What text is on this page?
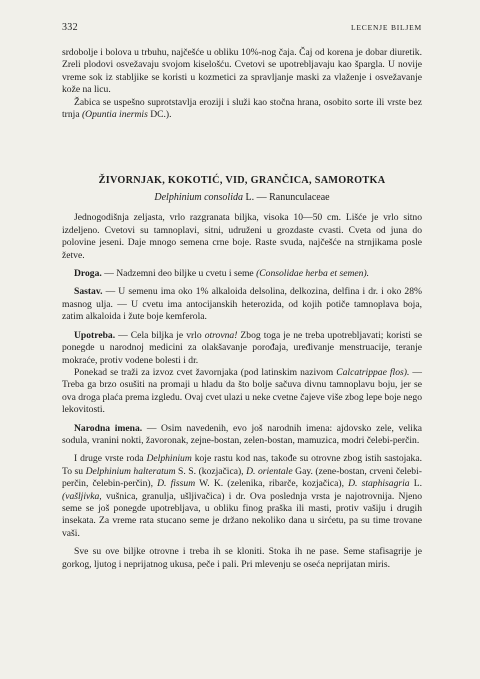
332	LECENJE BILJEM

srdobolje i bolova u trbuhu, najčešće u obliku 10%-nog čaja. Čaj od korena je dobar diuretik. Zreli plodovi osvežavaju svojom kiselošću. Cvetovi se upotrebljavaju kao špargla. U novije vreme sok iz stabljike se koristi u kozmetici za spravljanje maski za vlaženje i osvežavanje kože na licu.

Žabica se uspešno suprotstavlja eroziji i služi kao stočna hrana, osobito sorte ili vrste bez trnja (Opuntia inermis DC.).

ŽIVORNJAK, KOKOTIĆ, VID, GRANČICA, SAMOROTKA
Delphinium consolida L. — Ranunculaceae

Jednogodišnja zeljasta, vrlo razgranata biljka, visoka 10—50 cm. Lišće je vrlo sitno izdeljeno. Cvetovi su tamnoplavi, sitni, udruženi u grozdaste cvasti. Cveta od juna do polovine jeseni. Daje mnogo semena crne boje. Raste svuda, najčešće na strnjikama posle žetve.

Droga. — Nadzemni deo biljke u cvetu i seme (Consolidae herba et semen).

Sastav. — U semenu ima oko 1% alkaloida delsolina, delkozina, delfina i dr. i oko 28% masnog ulja. — U cvetu ima antocijanskih heterozida, od kojih potiče tamnoplava boja, zatim alkaloida i žute boje kemferola.

Upotreba. — Cela biljka je vrlo otrovna! Zbog toga je ne treba upotrebljavati; koristi se ponegde u narodnoj medicini za olakšavanje porođaja, uređivanje menstruacije, teranje mokraće, protiv vodene bolesti i dr.

Ponekad se traži za izvoz cvet žavornjaka (pod latinskim nazivom Calcatrippae flos). — Treba ga brzo osušiti na promaji u hladu da što bolje sačuva divnu tamnoplavu boju, jer se ova droga plaća prema izgledu. Ovaj cvet ulazi u neke cvetne čajeve više zbog lepe boje nego lekovitosti.

Narodna imena. — Osim navedenih, evo još narodnih imena: ajdovsko zele, velika sodula, vranini nokti, žavoronak, zejne-bostan, zelen-bostan, mamuzica, modri čelebi-perčin.

I druge vrste roda Delphinium koje rastu kod nas, takođe su otrovne zbog istih sastojaka. To su Delphinium halteratum S. S. (kozjačica), D. orientale Gay. (zene-bostan, crveni čelebi-perčin, čelebin-perčin), D. fissum W. K. (zelenika, ribarče, kozjačica), D. staphisagria L. (vašljivka, vušnica, granulja, ušljivačica) i dr. Ova poslednja vrsta je najotrovnija. Njeno seme se još ponegde upotrebljava, u obliku finog praška ili masti, protiv vašiju i drugih insekata. Za vreme rata stucano seme je držano nekoliko dana u sirćetu, pa su time trovane vaši.

Sve su ove biljke otrovne i treba ih se kloniti. Stoka ih ne pase. Seme stafisagrije je gorkog, ljutog i neprijatnog ukusa, peče i pali. Pri mlevenju se oseća neprijatan miris.
